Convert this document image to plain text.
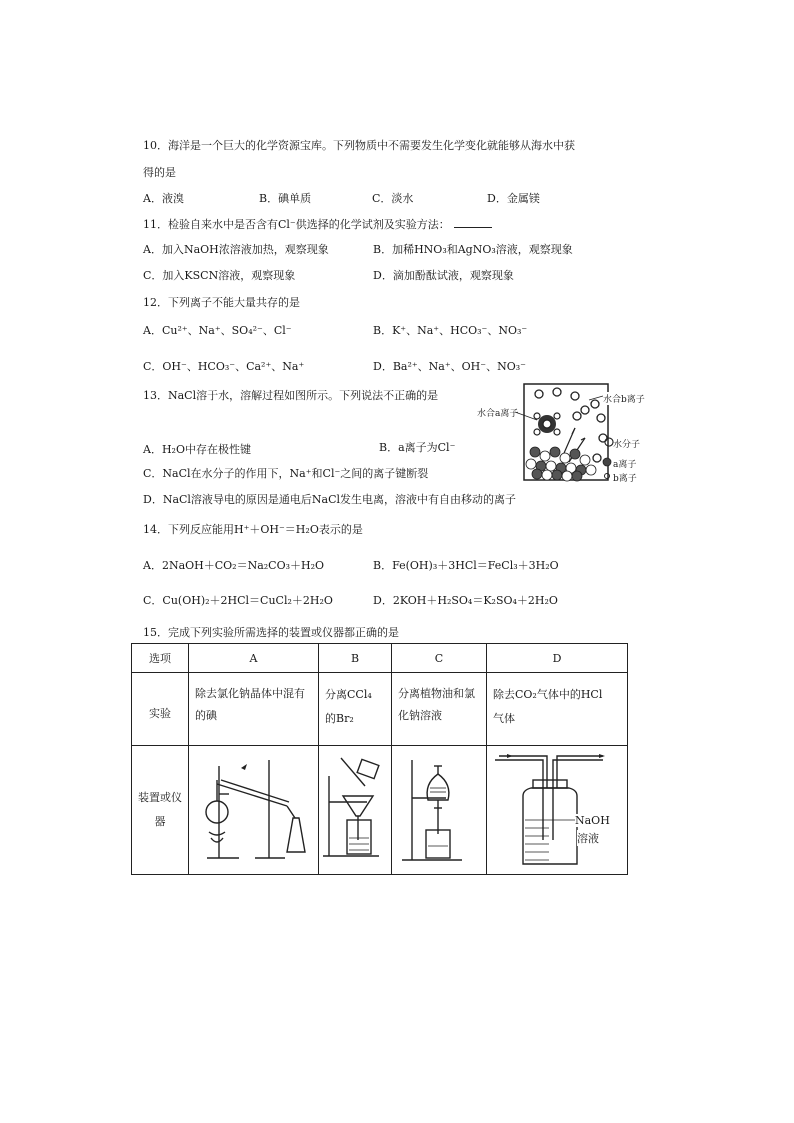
10．海洋是一个巨大的化学资源宝库。下列物质中不需要发生化学变化就能够从海水中获
得的是
A．液溴	B．碘单质	C．淡水	D．金属镁
11．检验自来水中是否含有Cl⁻供选择的化学试剂及实验方法：
A．加入NaOH浓溶液加热，观察现象	B．加稀HNO₃和AgNO₃溶液，观察现象
C．加入KSCN溶液，观察现象	D．滴加酚酞试液，观察现象
12．下列离子不能大量共存的是
A．Cu²⁺、Na⁺、SO₄²⁻、Cl⁻	B．K⁺、Na⁺、HCO₃⁻、NO₃⁻
C．OH⁻、HCO₃⁻、Ca²⁺、Na⁺	D．Ba²⁺、Na⁺、OH⁻、NO₃⁻
13．NaCl溶于水，溶解过程如图所示。下列说法不正确的是
A．H₂O中存在极性键	B．a离子为Cl⁻
C．NaCl在水分子的作用下，Na⁺和Cl⁻之间的离子键断裂
D．NaCl溶液导电的原因是通电后NaCl发生电离，溶液中有自由移动的离子
水合a离子
水合b离子
水分子
a离子
b离子
14．下列反应能用H⁺＋OH⁻＝H₂O表示的是
A．2NaOH＋CO₂＝Na₂CO₃＋H₂O	B．Fe(OH)₃＋3HCl＝FeCl₃＋3H₂O
C．Cu(OH)₂＋2HCl＝CuCl₂＋2H₂O	D．2KOH＋H₂SO₄＝K₂SO₄＋2H₂O
15．完成下列实验所需选择的装置或仪器都正确的是
选项	A	B	C	D
实验	除去氯化钠晶体中混有的碘	分离CCl₄
的Br₂	分离植物油和氯化钠溶液	除去CO₂气体中的HCl
气体

装置或仪器				NaOH
溶液
